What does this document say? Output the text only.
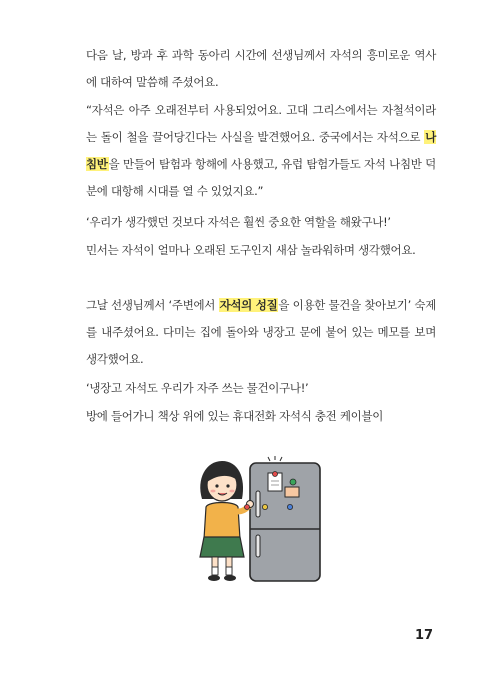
다음 날, 방과 후 과학 동아리 시간에 선생님께서 자석의 흥미로운 역사에 대하여 말씀해 주셨어요.

“자석은 아주 오래전부터 사용되었어요. 고대 그리스에서는 자철석이라는 돌이 철을 끌어당긴다는 사실을 발견했어요. 중국에서는 자석으로 나침반을 만들어 탐험과 항해에 사용했고, 유럽 탐험가들도 자석 나침반 덕분에 대항해 시대를 열 수 있었지요.”

‘우리가 생각했던 것보다 자석은 훨씬 중요한 역할을 해왔구나!’

민서는 자석이 얼마나 오래된 도구인지 새삼 놀라워하며 생각했어요.

그날 선생님께서 ‘주변에서 자석의 성질을 이용한 물건을 찾아보기’ 숙제를 내주셨어요. 다미는 집에 돌아와 냉장고 문에 붙어 있는 메모를 보며 생각했어요.

‘냉장고 자석도 우리가 자주 쓰는 물건이구나!’

방에 들어가니 책상 위에 있는 휴대전화 자석식 충전 케이블이

17
